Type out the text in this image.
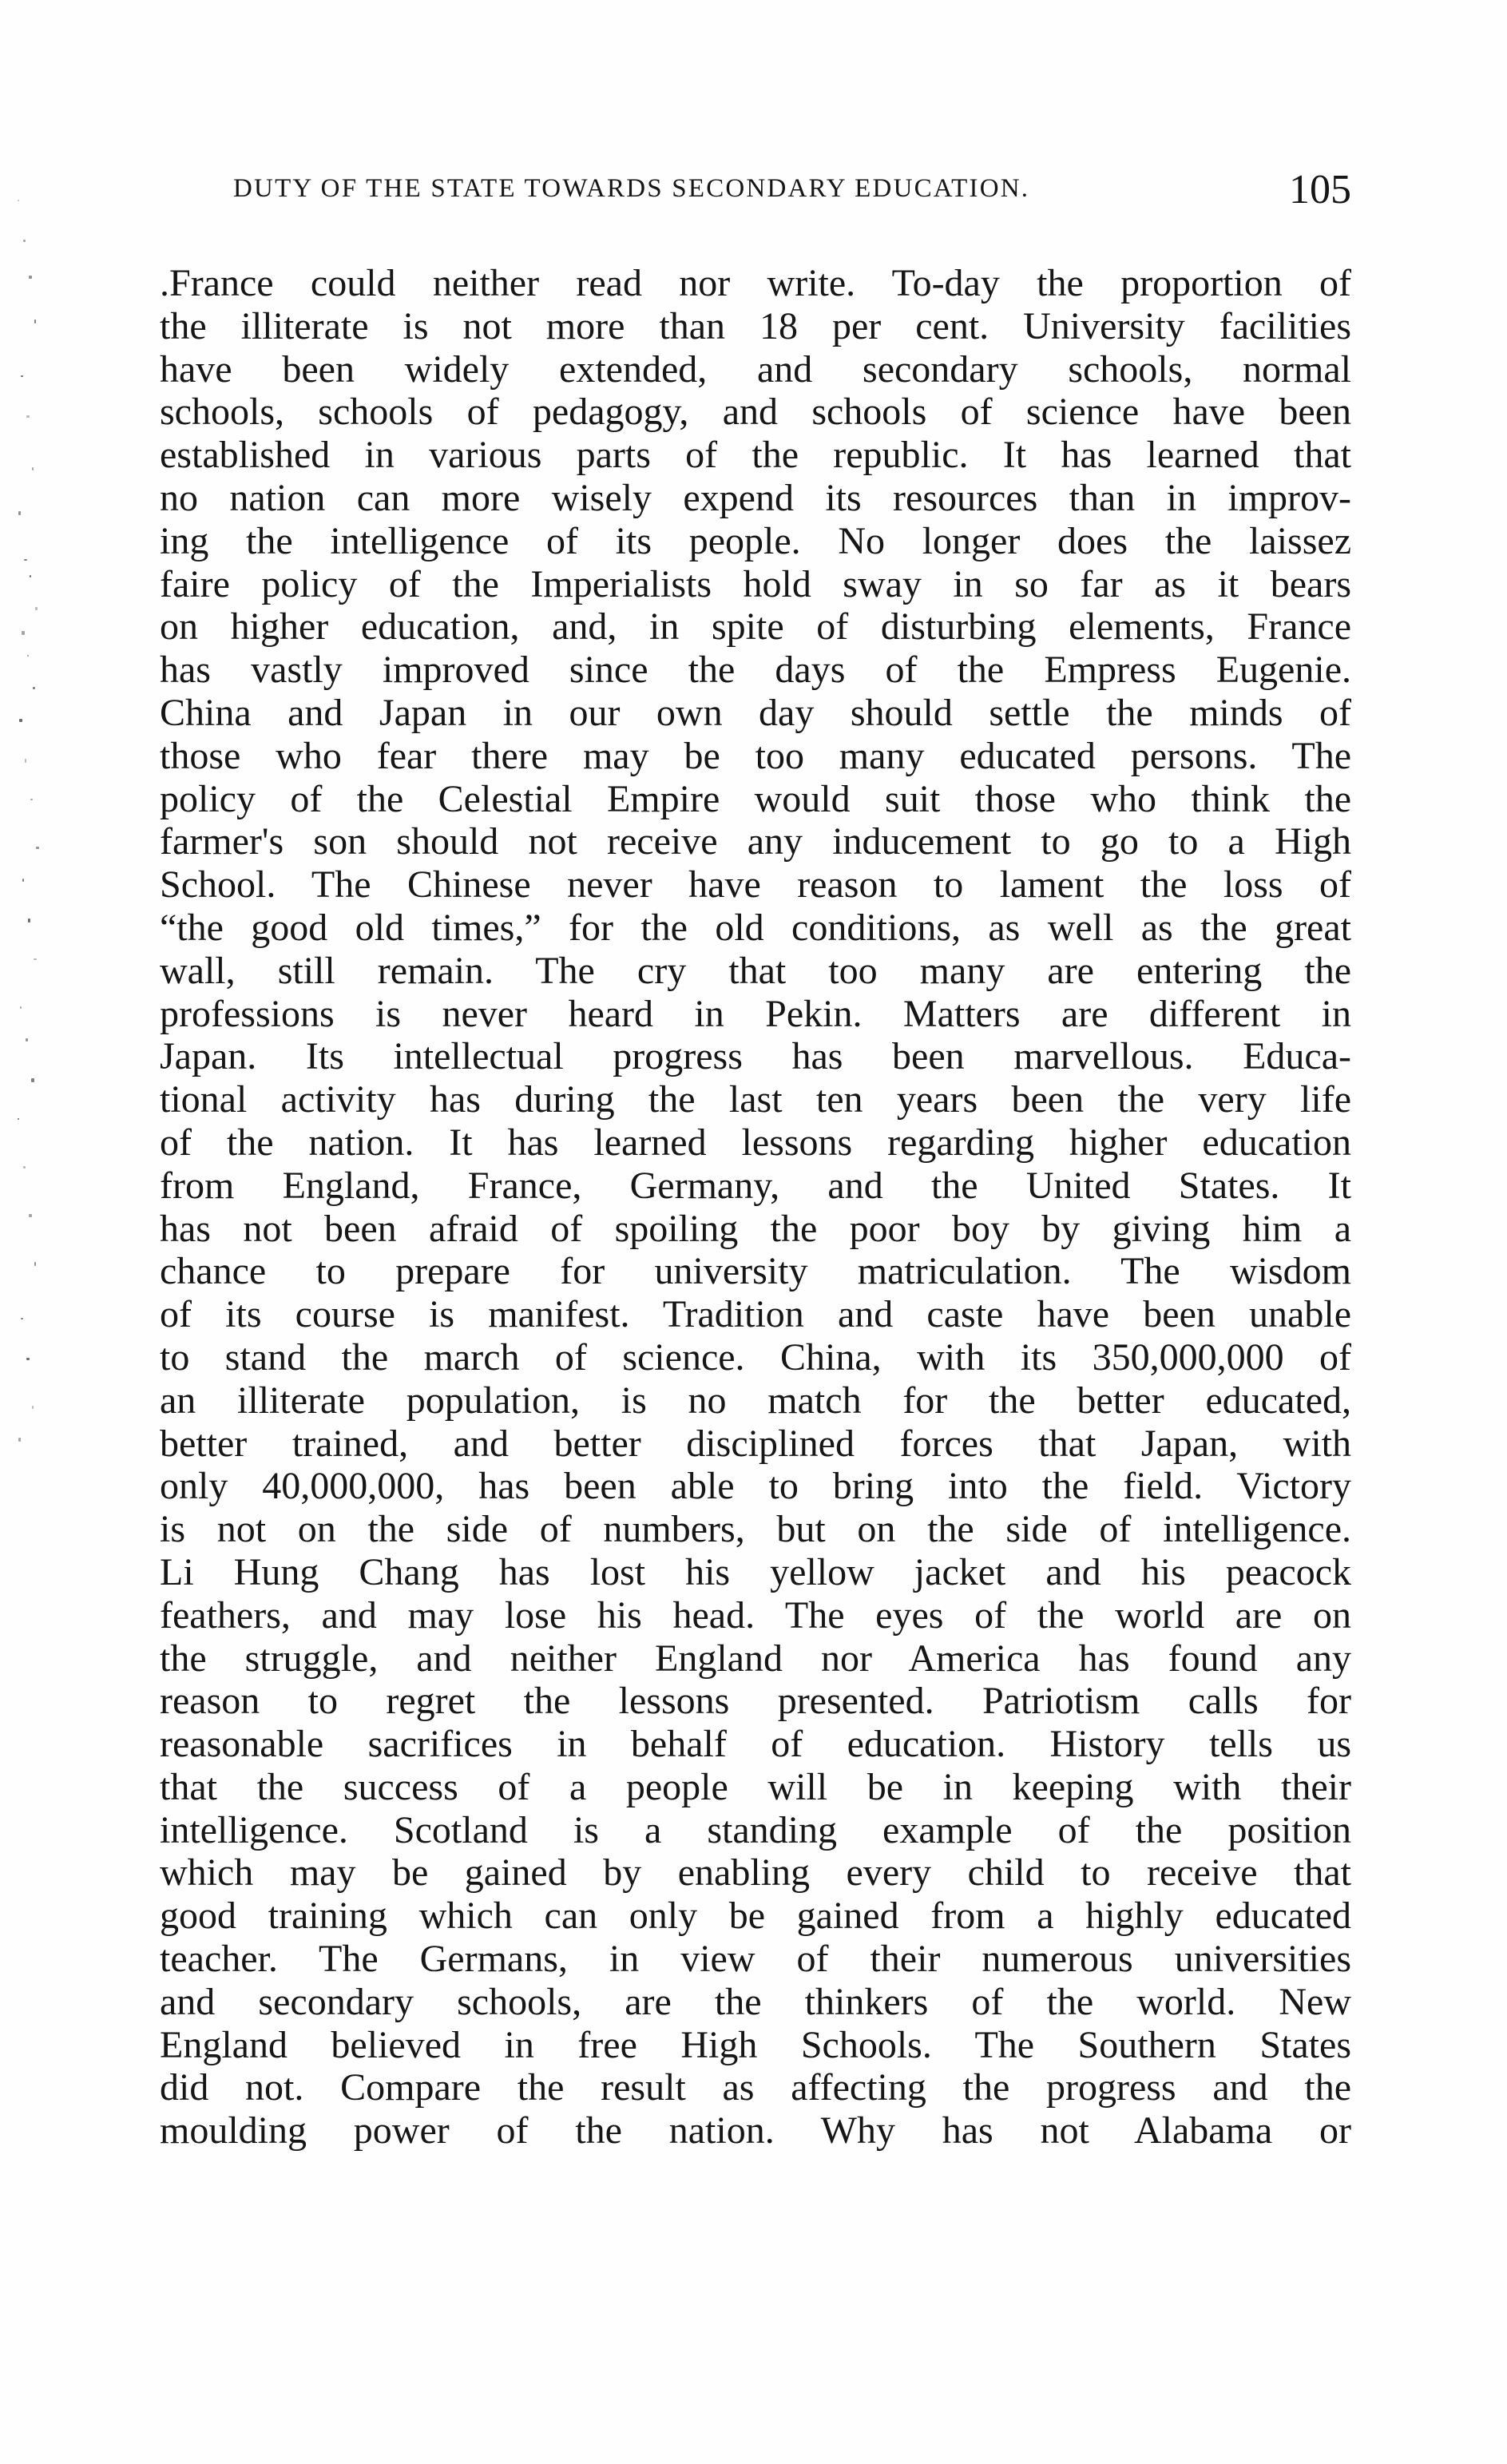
DUTY OF THE STATE TOWARDS SECONDARY EDUCATION.	105
.France could neither read nor write. To-day the proportion of
the illiterate is not more than 18 per cent. University facilities
have been widely extended, and secondary schools, normal
schools, schools of pedagogy, and schools of science have been
established in various parts of the republic. It has learned that
no nation can more wisely expend its resources than in improv-
ing the intelligence of its people. No longer does the laissez
faire policy of the Imperialists hold sway in so far as it bears
on higher education, and, in spite of disturbing elements, France
has vastly improved since the days of the Empress Eugenie.
China and Japan in our own day should settle the minds of
those who fear there may be too many educated persons. The
policy of the Celestial Empire would suit those who think the
farmer's son should not receive any inducement to go to a High
School. The Chinese never have reason to lament the loss of
“the good old times,” for the old conditions, as well as the great
wall, still remain. The cry that too many are entering the
professions is never heard in Pekin. Matters are different in
Japan. Its intellectual progress has been marvellous. Educa-
tional activity has during the last ten years been the very life
of the nation. It has learned lessons regarding higher education
from England, France, Germany, and the United States. It
has not been afraid of spoiling the poor boy by giving him a
chance to prepare for university matriculation. The wisdom
of its course is manifest. Tradition and caste have been unable
to stand the march of science. China, with its 350,000,000 of
an illiterate population, is no match for the better educated,
better trained, and better disciplined forces that Japan, with
only 40,000,000, has been able to bring into the field. Victory
is not on the side of numbers, but on the side of intelligence.
Li Hung Chang has lost his yellow jacket and his peacock
feathers, and may lose his head. The eyes of the world are on
the struggle, and neither England nor America has found any
reason to regret the lessons presented. Patriotism calls for
reasonable sacrifices in behalf of education. History tells us
that the success of a people will be in keeping with their
intelligence. Scotland is a standing example of the position
which may be gained by enabling every child to receive that
good training which can only be gained from a highly educated
teacher. The Germans, in view of their numerous universities
and secondary schools, are the thinkers of the world. New
England believed in free High Schools. The Southern States
did not. Compare the result as affecting the progress and the
moulding power of the nation. Why has not Alabama or
